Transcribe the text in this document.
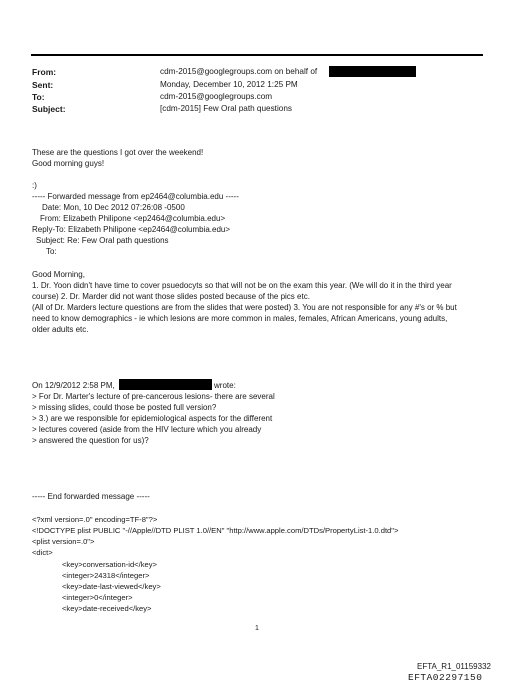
From:
Sent:
To:
Subject:
cdm-2015@googlegroups.com on behalf of
Monday, December 10, 2012 1:25 PM
cdm-2015@googlegroups.com
[cdm-2015] Few Oral path questions
These are the questions I got over the weekend!
Good morning guys!
:)
----- Forwarded message from ep2464@columbia.edu -----
Date: Mon, 10 Dec 2012 07:26:08 -0500
From: Elizabeth Philipone <ep2464@columbia.edu>
Reply-To: Elizabeth Philipone <ep2464@columbia.edu>
Subject: Re: Few Oral path questions
To:
Good Morning,
1. Dr. Yoon didn't have time to cover psuedocyts so that will not be on the exam this year. (We will do it in the third year
course) 2. Dr. Marder did not want those slides posted because of the pics etc.
(All of Dr. Marders lecture questions are from the slides that were posted) 3. You are not responsible for any #'s or % but
need to know demographics - ie which lesions are more common in males, females, African Americans, young adults,
older adults etc.
On 12/9/2012 2:58 PM,	wrote:
> For Dr. Marter's lecture of pre-cancerous lesions- there are several
> missing slides, could those be posted full version?
> 3.) are we responsible for epidemiological aspects for the different
> lectures covered (aside from the HIV lecture which you already
> answered the question for us)?
----- End forwarded message -----
<?xml version=.0" encoding=TF-8"?>
<!DOCTYPE plist PUBLIC "-//Apple//DTD PLIST 1.0//EN" "http://www.apple.com/DTDs/PropertyList-1.0.dtd">
<plist version=.0">
<dict>
<key>conversation-id</key>
<integer>24318</integer>
<key>date-last-viewed</key>
<integer>0</integer>
<key>date-received</key>
1
EFTA_R1_01159332
EFTA02297150
